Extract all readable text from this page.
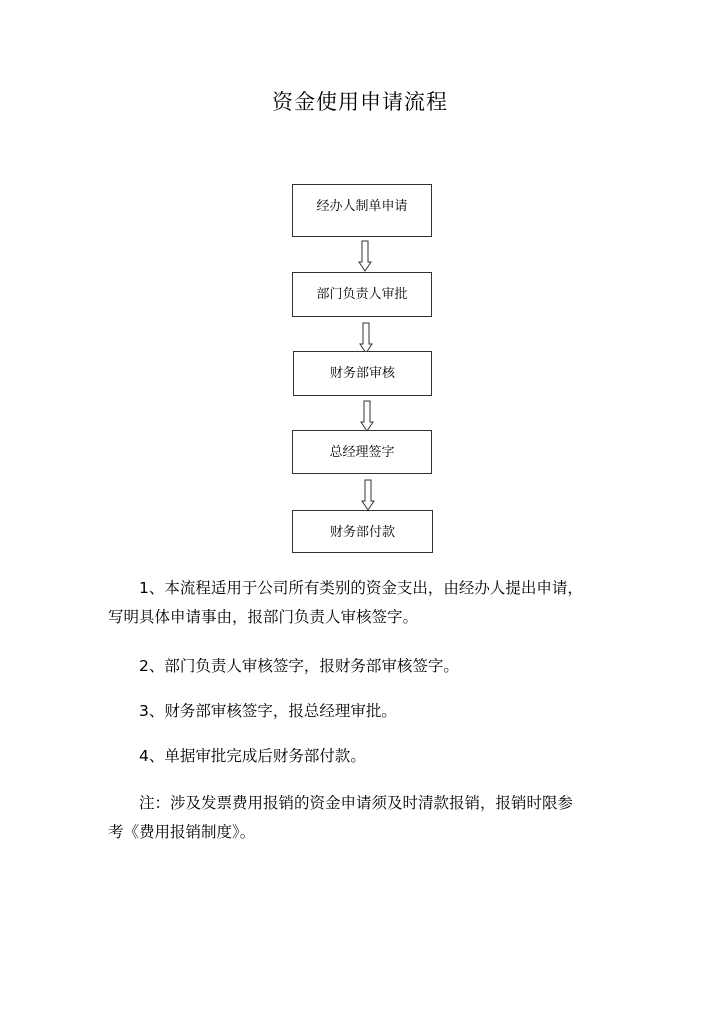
资金使用申请流程
经办人制单申请
部门负责人审批
财务部审核
总经理签字
财务部付款

1、本流程适用于公司所有类别的资金支出，由经办人提出申请，
写明具体申请事由，报部门负责人审核签字。

2、部门负责人审核签字，报财务部审核签字。

3、财务部审核签字，报总经理审批。

4、单据审批完成后财务部付款。

注：涉及发票费用报销的资金申请须及时清款报销，报销时限参
考《费用报销制度》。
